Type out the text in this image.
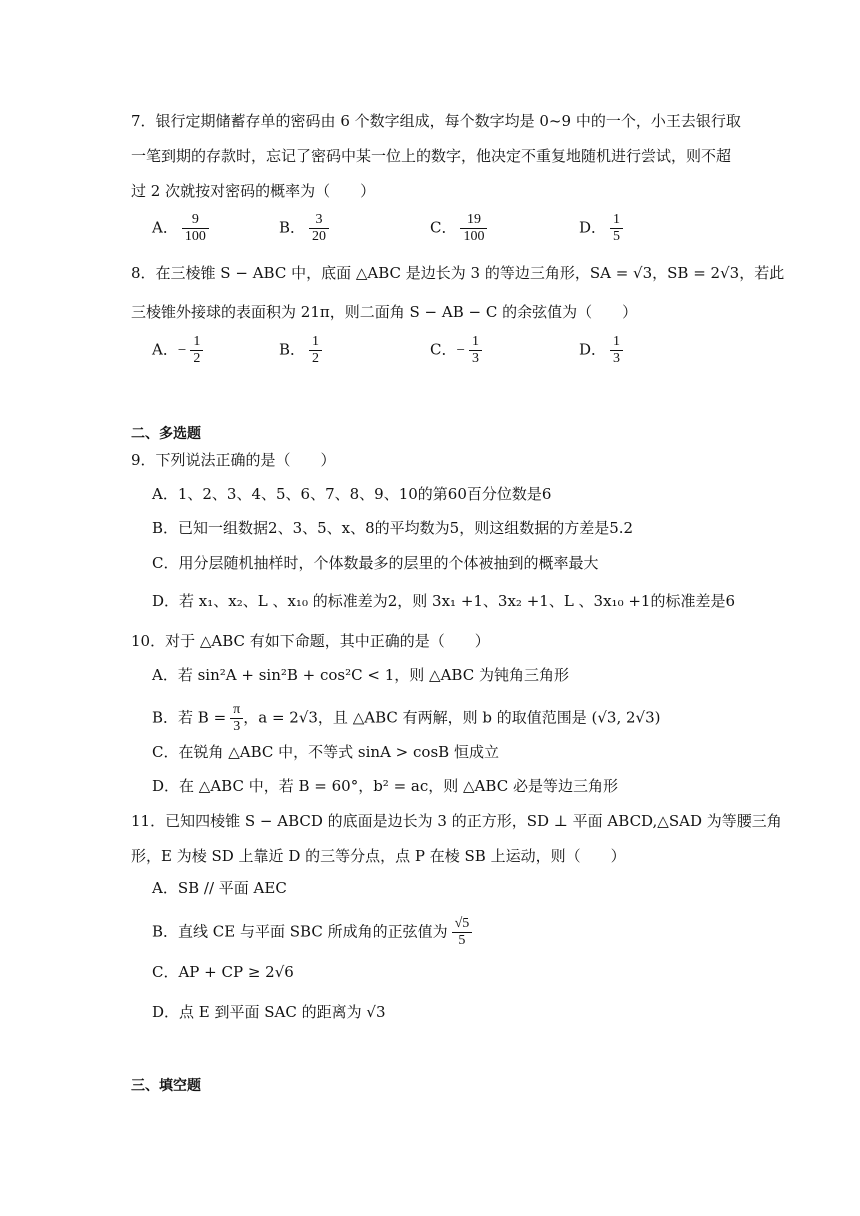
7．银行定期储蓄存单的密码由 6 个数字组成，每个数字均是 0~9 中的一个，小王去银行取
一笔到期的存款时，忘记了密码中某一位上的数字，他决定不重复地随机进行尝试，则不超
过 2 次就按对密码的概率为（　　）
A． $\frac{9}{100}$	B． $\frac{3}{20}$	C． $\frac{19}{100}$	D． $\frac{1}{5}$
8．在三棱锥 S − ABC 中，底面 △ABC 是边长为 3 的等边三角形，SA = √3，SB = 2√3，若此
三棱锥外接球的表面积为 21π，则二面角 S − AB − C 的余弦值为（　　）
A．− $\frac{1}{2}$	B． $\frac{1}{2}$	C．− $\frac{1}{3}$	D． $\frac{1}{3}$
二、多选题
9．下列说法正确的是（　　）
A．1、2、3、4、5、6、7、8、9、10的第60百分位数是6
B．已知一组数据2、3、5、x、8的平均数为5，则这组数据的方差是5.2
C．用分层随机抽样时，个体数最多的层里的个体被抽到的概率最大
D．若 x₁、x₂、L 、x₁₀ 的标准差为2，则 3x₁ +1、3x₂ +1、L 、3x₁₀ +1的标准差是6
10．对于 △ABC 有如下命题，其中正确的是（　　）
A．若 sin²A + sin²B + cos²C < 1，则 △ABC 为钝角三角形
B．若 $B = \frac{\pi}{3}$ ，a = 2√3，且 △ABC 有两解，则 b 的取值范围是 (√3, 2√3)
C．在锐角 △ABC 中，不等式 sinA > cosB 恒成立
D．在 △ABC 中，若 B = 60°，b² = ac，则 △ABC 必是等边三角形
11．已知四棱锥 S − ABCD 的底面是边长为 3 的正方形，SD ⊥ 平面 ABCD,△SAD 为等腰三角
形，E 为棱 SD 上靠近 D 的三等分点，点 P 在棱 SB 上运动，则（　　）
A．SB // 平面 AEC
B．直线 CE 与平面 SBC 所成角的正弦值为 $\frac{√5}{5}$
C．AP + CP ≥ 2√6
D．点 E 到平面 SAC 的距离为 √3
三、填空题
